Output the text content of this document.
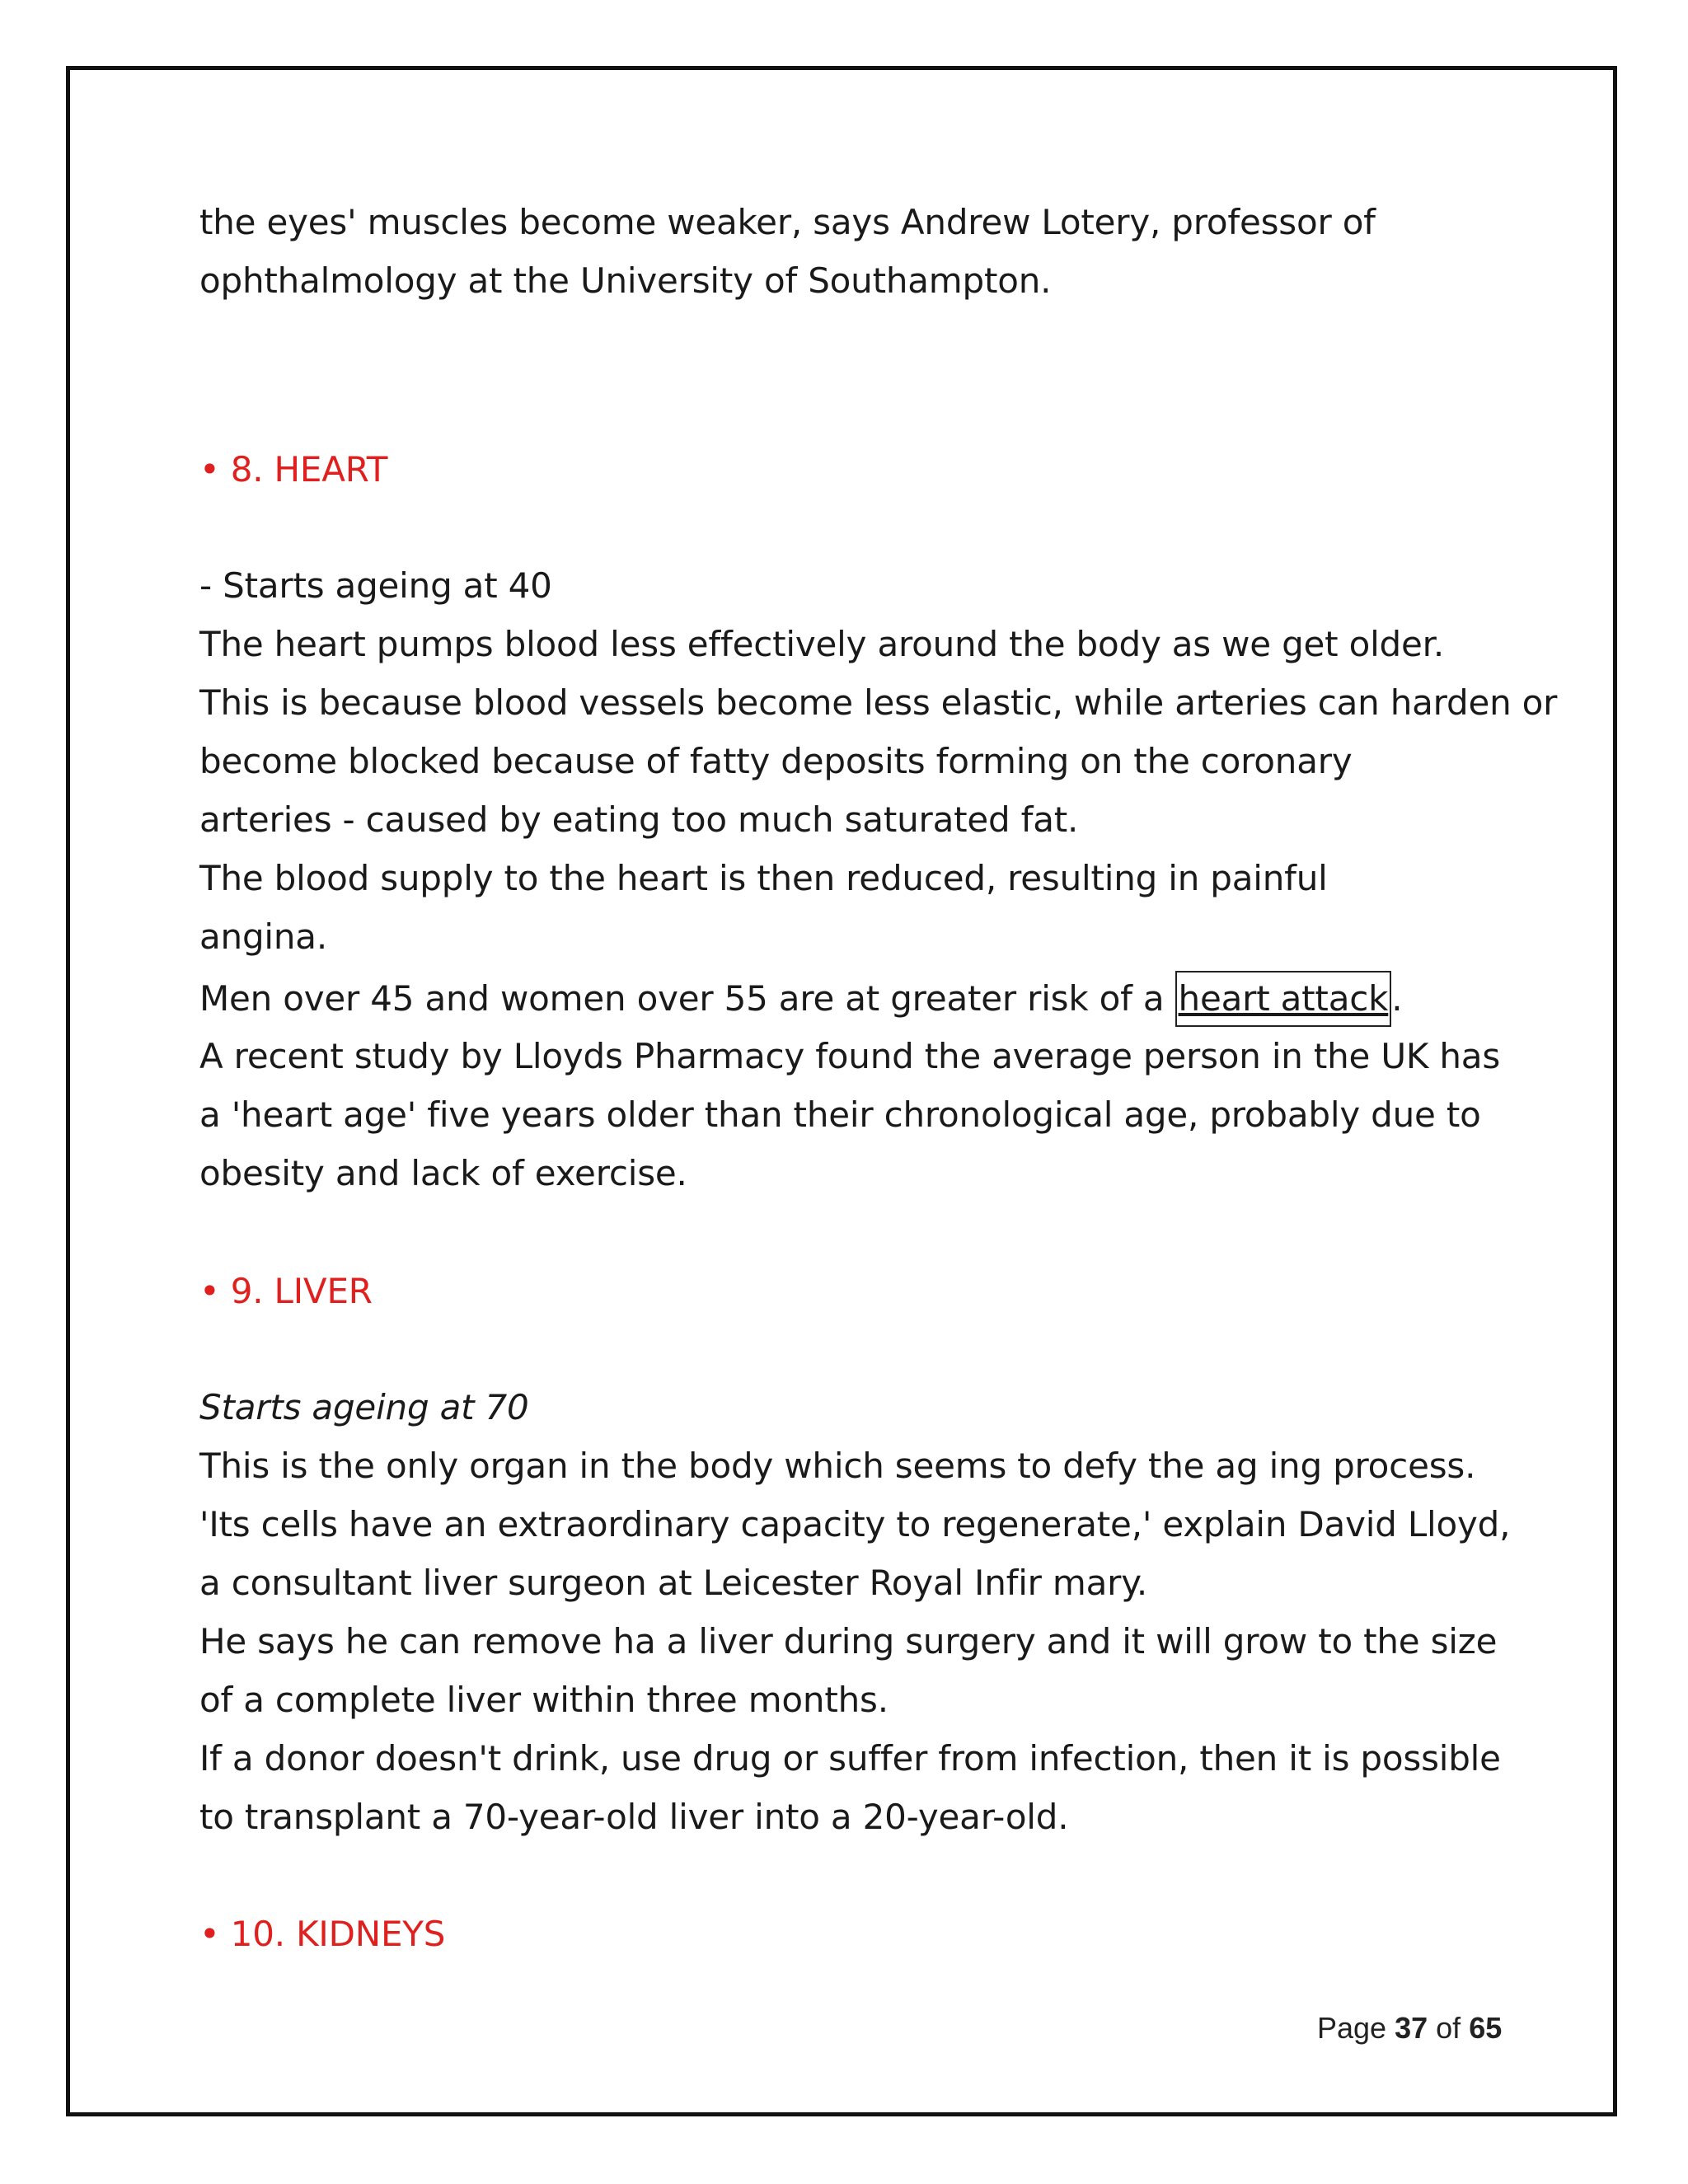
the eyes' muscles become weaker, says Andrew Lotery, professor of
ophthalmology at the University of Southampton.
• 8. HEART
- Starts ageing at 40
The heart pumps blood less effectively around the body as we get older.
This is because blood vessels become less elastic, while arteries can harden or
become blocked because of fatty deposits forming on the coronary
arteries - caused by eating too much saturated fat.
The blood supply to the heart is then reduced, resulting in painful
angina.
Men over 45 and women over 55 are at greater risk of a heart attack.
A recent study by Lloyds Pharmacy found the average person in the UK has
a 'heart age' five years older than their chronological age, probably due to
obesity and lack of exercise.
• 9. LIVER
Starts ageing at 70
This is the only organ in the body which seems to defy the ag ing process.
'Its cells have an extraordinary capacity to regenerate,' explain David Lloyd,
a consultant liver surgeon at Leicester Royal Infir mary.
He says he can remove ha a liver during surgery and it will grow to the size
of a complete liver within three months.
If a donor doesn't drink, use drug or suffer from infection, then it is possible
to transplant a 70-year-old liver into a 20-year-old.
• 10. KIDNEYS
Page 37 of 65
